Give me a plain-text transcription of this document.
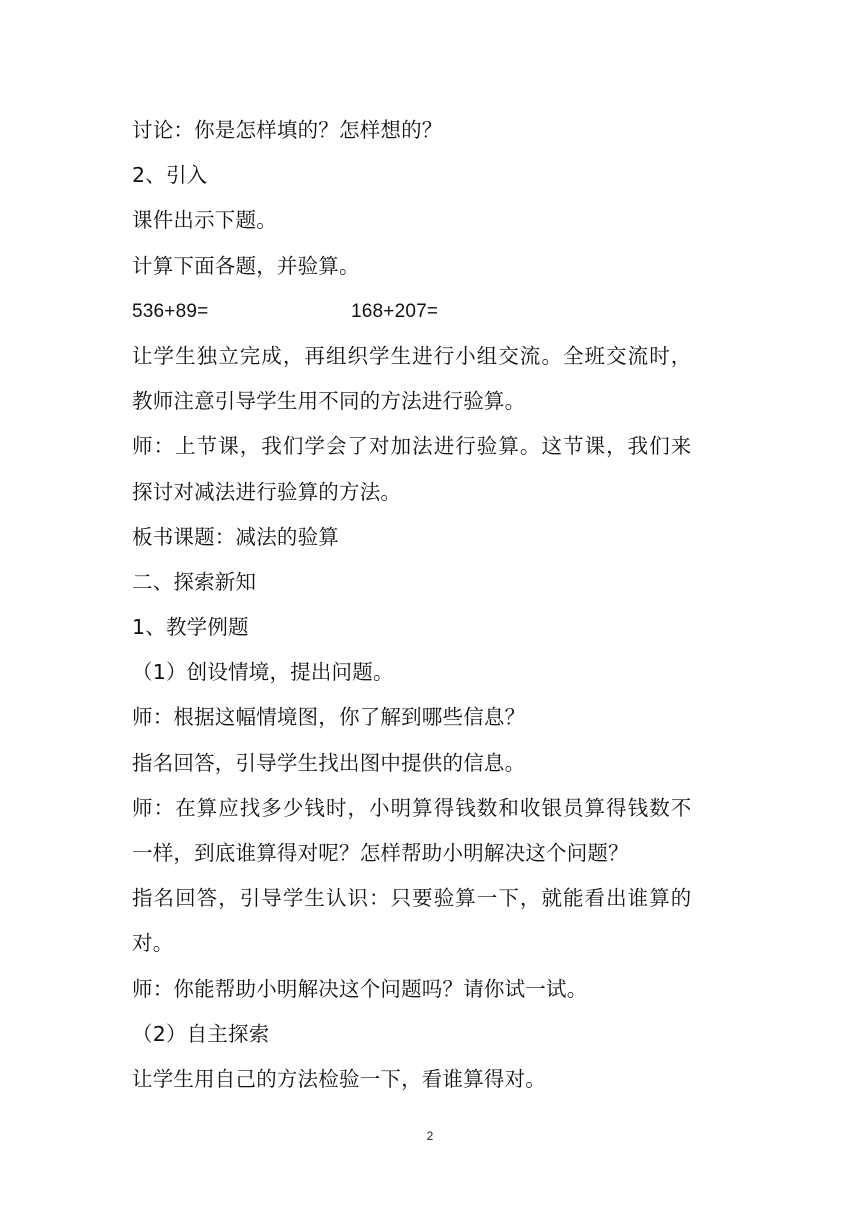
讨论：你是怎样填的？怎样想的？
2、引入
课件出示下题。
计算下面各题，并验算。
536+89=	168+207=
让学生独立完成，再组织学生进行小组交流。全班交流时，
教师注意引导学生用不同的方法进行验算。
师：上节课，我们学会了对加法进行验算。这节课，我们来
探讨对减法进行验算的方法。
板书课题：减法的验算
二、探索新知
1、教学例题
（1）创设情境，提出问题。
师：根据这幅情境图，你了解到哪些信息？
指名回答，引导学生找出图中提供的信息。
师：在算应找多少钱时，小明算得钱数和收银员算得钱数不
一样，到底谁算得对呢？怎样帮助小明解决这个问题？
指名回答，引导学生认识：只要验算一下，就能看出谁算的
对。
师：你能帮助小明解决这个问题吗？请你试一试。
（2）自主探索
让学生用自己的方法检验一下，看谁算得对。
2
